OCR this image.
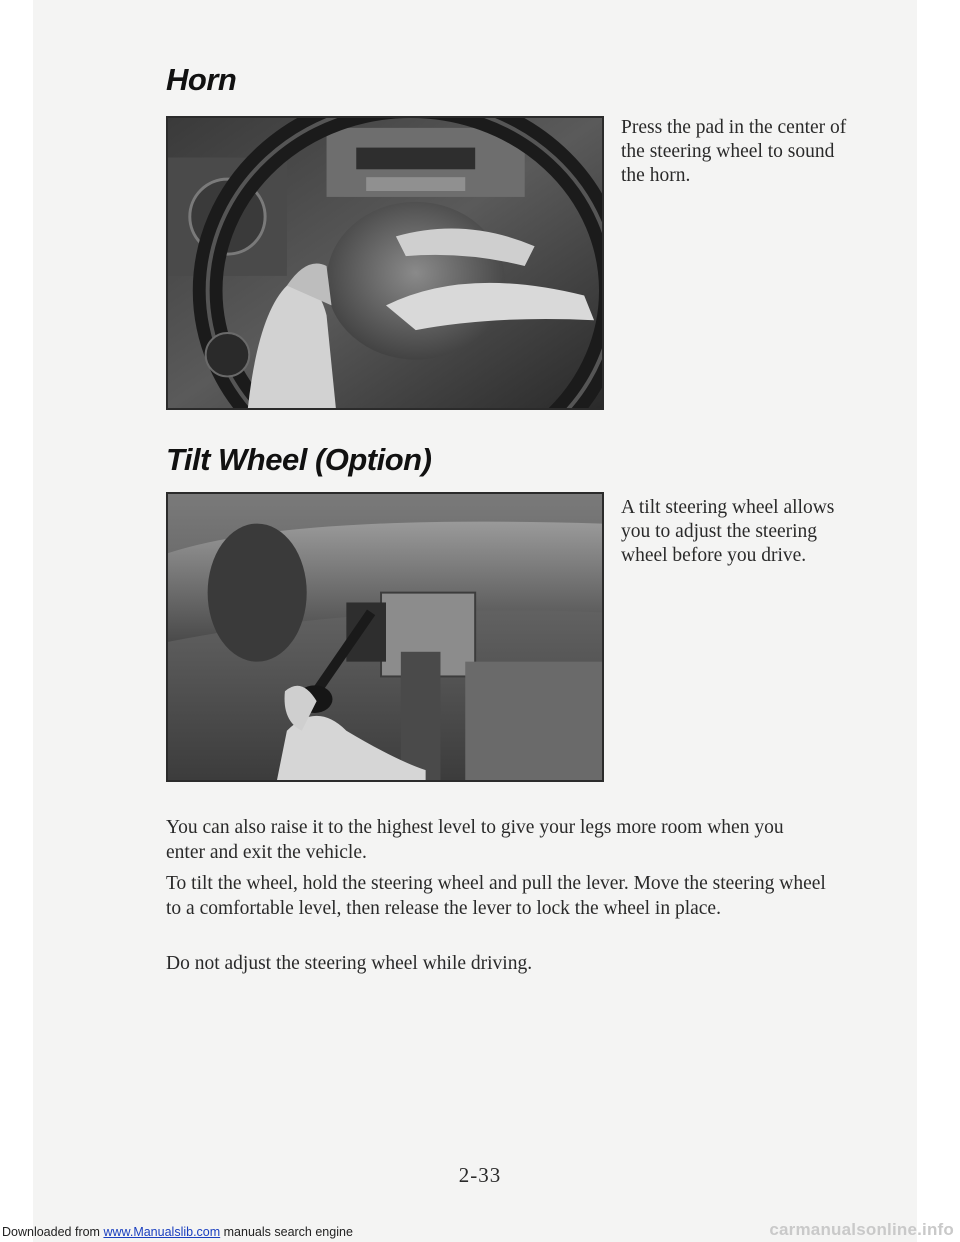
Horn

Press the pad in the center of the steering wheel to sound the horn.

Tilt Wheel (Option)

A tilt steering wheel allows you to adjust the steering wheel before you drive.

You can also raise it to the highest level to give your legs more room when you enter and exit the vehicle.

To tilt the wheel, hold the steering wheel and pull the lever. Move the steering wheel to a comfortable level, then release the lever to lock the wheel in place.

Do not adjust the steering wheel while driving.

2-33

Downloaded from www.Manualslib.com manuals search engine	carmanualsonline.info
